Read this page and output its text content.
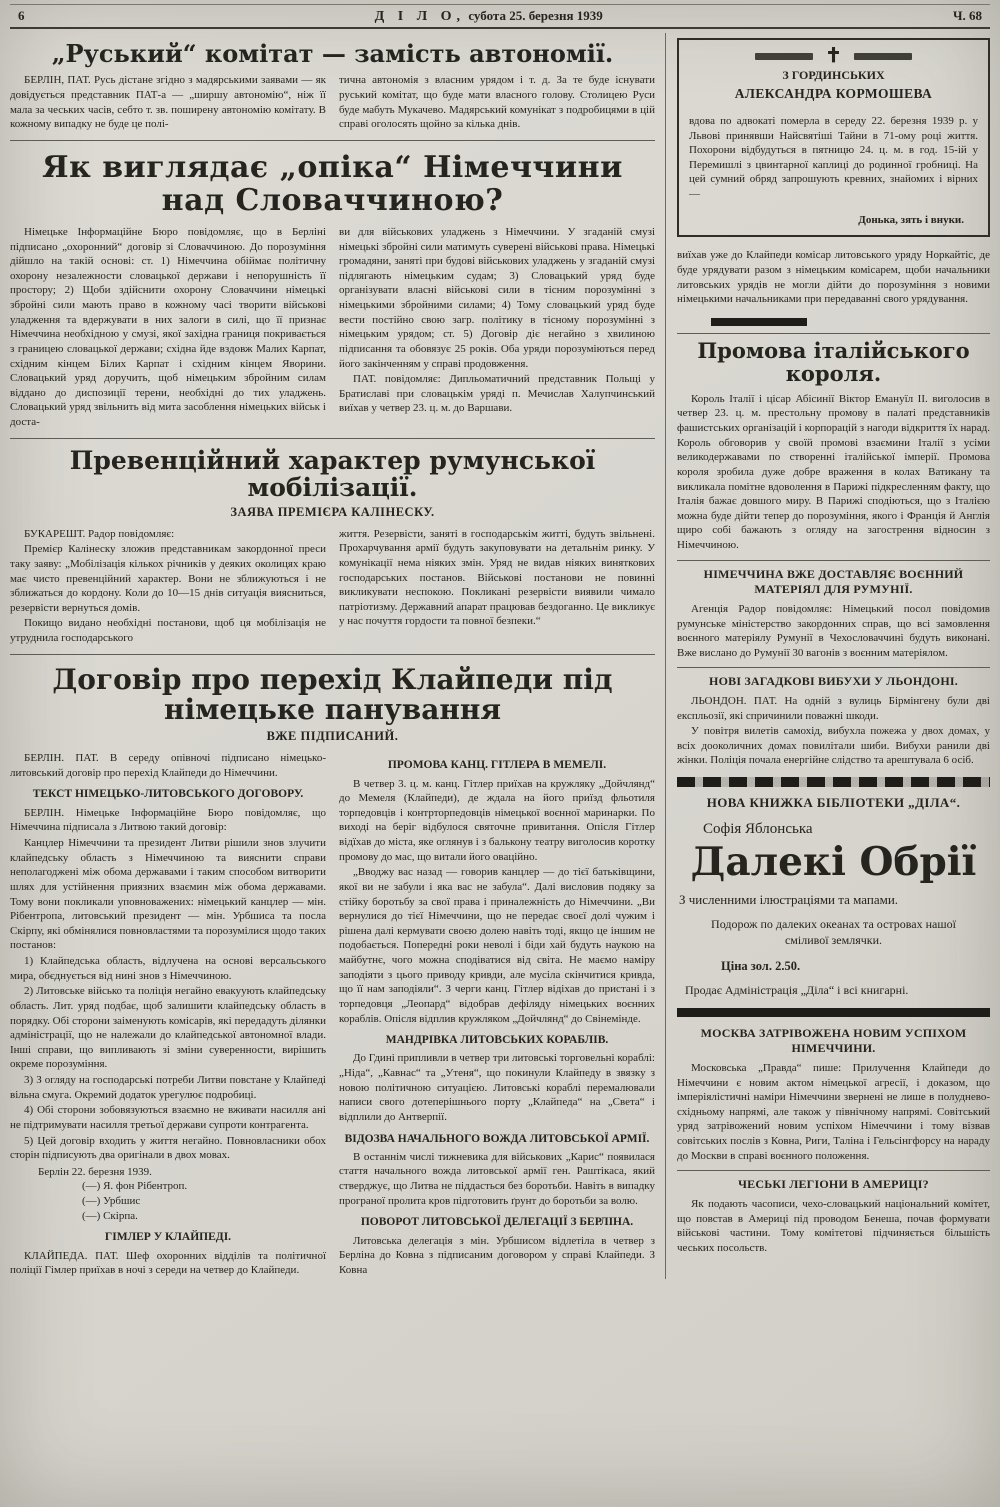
6	Д І Л О, субота 25. березня 1939	Ч. 68
„Руський“ комітат — замість автономії.

БЕРЛІН, ПАТ. Русь дістане згідно з мадярськими заявами — як довідується представник ПАТ-а — „ширшу автономію“, ніж її мала за чеських часів, себто т. зв. поширену автономію комітату. В кожному випадку не буде це полі-

тична автономія з власним урядом і т. д. За те буде існувати руський комітат, що буде мати власного голову. Столицею Руси буде мабуть Мукачево. Мадярський комунікат з подробицями в цій справі оголосять щойно за кілька днів.

Як виглядає „опіка“ Німеччини над Словаччиною?

Німецьке Інформаційне Бюро повідомляє, що в Берліні підписано „охоронний“ договір зі Словаччиною. До порозуміння дійшло на такій основі: ст. 1) Німеччина обіймає політичну охорону незалежности словацької держави і непорушність її простору; 2) Щоби здійснити охорону Словаччини німецькі збройні сили мають право в кожному часі творити військові уладження та вдержувати в них залоги в силі, що її признає Німеччина необхідною у смузі, якої західна границя покривається з границею словацької держави; східна йде вздовж Малих Карпат, східним кінцем Білих Карпат і східним кінцем Яворини. Словацький уряд доручить, щоб німецьким збройним силам віддано до диспозиції терени, необхідні до тих уладжень. Словацький уряд звільнить від мита засоблення німецьких військ і доста-

ви для військових уладжень з Німеччини. У згаданій смузі німецькі збройні сили матимуть суверені військові права. Німецькі громадяни, заняті при будові військових уладжень у згаданій смузі підлягають німецьким судам; 3) Словацький уряд буде організувати власні військові сили в тісним порозумінні з німецькими збройними силами; 4) Тому словацький уряд буде вести постійно свою загр. політику в тісному порозумінні з німецьким урядом; ст. 5) Договір діє негайно з хвилиною підписання та обовязує 25 років. Оба уряди порозуміються перед його закінченням у справі продовження.

ПАТ. повідомляє: Дипльоматичний представник Польщі у Братиславі при словацькім уряді п. Мечислав Халупчинський виїхав у четвер 23. ц. м. до Варшави.

Превенційний характер румунської мобілізації.
ЗАЯВА ПРЕМІЄРА КАЛІНЕСКУ.

БУКАРЕШТ. Радор повідомляє:

Премієр Калінеску зложив представникам закордонної преси таку заяву: „Мобілізація кількох річників у деяких околицях краю має чисто превенційний характер. Вони не зближуються і не зближаться до кордону. Коли до 10—15 днів ситуація виясниться, резервісти вернуться домів.

Покищо видано необхідні постанови, щоб ця мобілізація не утруднила господарського

життя. Резервісти, заняті в господарськім житті, будуть звільнені. Прохарчування армії будуть закуповувати на детальнім ринку. У комунікації нема ніяких змін. Уряд не видав ніяких виняткових господарських постанов. Військові постанови не повинні викликувати неспокою. Покликані резервісти виявили чимало патріотизму. Державний апарат працював бездоганно. Це викликує у нас почуття гордости та повної безпеки.“

Договір про перехід Клайпеди під німецьке панування
ВЖЕ ПІДПИСАНИЙ.

БЕРЛІН. ПАТ. В середу опівночі підписано німецько-литовський договір про перехід Клайпеди до Німеччини.

ТЕКСТ НІМЕЦЬКО-ЛИТОВСЬКОГО ДОГОВОРУ.

БЕРЛІН. Німецьке Інформаційне Бюро повідомляє, що Німеччина підписала з Литвою такий договір:

Канцлер Німеччини та президент Литви рішили знов злучити клайпедську область з Німеччиною та вияснити справи неполагоджені між обома державами і таким способом витворити шлях для устійнення приязних взаємин між обома державами. Тому вони покликали уповноважених: німецький канцлер — мін. Рібентропа, литовський президент — мін. Урбшиса та посла Скірпу, які обмінялися повновластями та порозумілися щодо таких постанов:

1) Клайпедська область, відлучена на основі версальського мира, обєднується від нині знов з Німеччиною.

2) Литовське військо та поліція негайно евакуують клайпедську область. Лит. уряд подбає, щоб залишити клайпедську область в порядку. Обі сторони заіменують комісарів, які передадуть ділянки адміністрації, що не належали до клайпедської автономної влади. Інші справи, що випливають зі зміни суверенности, вирішить окреме порозуміння.

3) З огляду на господарські потреби Литви повстане у Клайпеді вільна смуга. Окремий додаток урегулює подробиці.

4) Обі сторони зобовязуються взаємно не вживати насилля ані не підтримувати насилля третьої держави супроти контрагента.

5) Цей договір входить у життя негайно. Повновласники обох сторін підписують два оригінали в двох мовах.

Берлін 22. березня 1939.

(—) Я. фон Рібентроп.

(—) Урбшис

(—) Скірпа.

ГІМЛЕР У КЛАЙПЕДІ.

КЛАЙПЕДА. ПАТ. Шеф охоронних відділів та політичної поліції Гімлер приїхав в ночі з середи на четвер до Клайпеди.

ПРОМОВА КАНЦ. ГІТЛЕРА В МЕМЕЛІ.

В четвер 3. ц. м. канц. Гітлер приїхав на кружляку „Дойчлянд“ до Мемеля (Клайпеди), де ждала на його приїзд фльотиля торпедовців і контрторпедовців німецької воєнної маринарки. По виході на беріг відбулося святочне привитання. Опісля Гітлер відїхав до міста, яке оглянув і з балькону театру виголосив коротку промову до мас, що витали його оваційно.

„Вводжу вас назад — говорив канцлер — до тієї батьківщини, якої ви не забули і яка вас не забула“. Далі висловив подяку за стійку боротьбу за свої права і приналежність до Німеччини. „Ви вернулися до тієї Німеччини, що не передає своєї долі чужим і рішена далі кермувати своєю долею навіть тоді, якщо це іншим не подобається. Попередні роки неволі і біди хай будуть наукою на майбутнє, чого можна сподіватися від світа. Не маємо наміру заподіяти з цього приводу кривди, але мусіла скінчитися кривда, що її нам заподіяли“. З черги канц. Гітлер відіхав до пристані і з торпедовця „Леопард“ відобрав дефіляду німецьких воєнних кораблів. Опісля відплив кружляком „Дойчлянд“ до Свінемінде.

МАНДРІВКА ЛИТОВСЬКИХ КОРАБЛІВ.

До Гдині припливли в четвер три литовські торговельні кораблі: „Ніда“, „Кавнас“ та „Утеня“, що покинули Клайпеду в звязку з новою політичною ситуацією. Литовські кораблі перемалювали написи свого дотеперішнього порту „Клайпеда“ на „Света“ і відплили до Антверпії.

ВІДОЗВА НАЧАЛЬНОГО ВОЖДА ЛИТОВСЬКОЇ АРМІЇ.

В останнім числі тижневика для військових „Карис“ появилася стаття начального вожда литовської армії ген. Раштікаса, який стверджує, що Литва не піддасться без боротьби. Навіть в випадку програної пролита кров підготовить ґрунт до боротьби за волю.

ПОВОРОТ ЛИТОВСЬКОЇ ДЕЛЕГАЦІЇ З БЕРЛІНА.

Литовська делегація з мін. Урбшисом відлетіла в четвер з Берліна до Ковна з підписаним договором у справі Клайпеди. З Ковна

✝
З ГОРДИНСЬКИХ
АЛЕКСАНДРА КОРМОШЕВА

вдова по адвокаті померла в середу 22. березня 1939 р. у Львові принявши Найсвятіші Тайни в 71-ому році життя. Похорони відбудуться в пятницю 24. ц. м. в год. 15-ій у Перемишлі з цвинтарної каплиці до родинної гробниці. На цей сумний обряд запрошують кревних, знайомих і вірних —

Донька, зять і внуки.

виїхав уже до Клайпеди комісар литовського уряду Норкайтіс, де буде урядувати разом з німецьким комісарем, щоби начальники литовських урядів не могли дійти до порозуміння з новими німецькими начальниками при передаванні свого урядування.

Промова італійського короля.

Король Італії і цісар Абісинії Віктор Емануїл II. виголосив в четвер 23. ц. м. престольну промову в палаті представників фашистських організацій і корпорацій з нагоди відкриття їх нарад. Король обговорив у своїй промові взаємини Італії з усіми великодержавами по створенні італійської імперії. Промова короля зробила дуже добре враження в колах Ватикану та викликала помітне вдоволення в Парижі підкресленням факту, що Італія бажає довшого миру. В Парижі сподіються, що з Італією можна буде дійти тепер до порозуміння, якого і Франція й Англія щиро собі бажають з огляду на загострення відносин з Німеччиною.

НІМЕЧЧИНА ВЖЕ ДОСТАВЛЯЄ ВОЄННИЙ МАТЕРІЯЛ ДЛЯ РУМУНІЇ.

Агенція Радор повідомляє: Німецький посол повідомив румунське міністерство закордонних справ, що всі замовлення воєнного матеріялу Румунії в Чехословаччині будуть виконані. Вже вислано до Румунії 30 вагонів з воєнним матеріялом.

НОВІ ЗАГАДКОВІ ВИБУХИ У ЛЬОНДОНІ.

ЛЬОНДОН. ПАТ. На одній з вулиць Бірмінгену були дві експльозії, які спричинили поважні шкоди.

У повітря вилетів самохід, вибухла пожежа у двох домах, у всіх дооколичних домах повилітали шиби. Вибухи ранили дві жінки. Поліція почала енергійне слідство та арештувала 6 осіб.

НОВА КНИЖКА БІБЛІОТЕКИ „ДІЛА“.
Софія Яблонська
Далекі Обрії
З численними ілюстраціями та мапами.
Подорож по далеких океанах та островах нашої сміливої землячки.
Ціна зол. 2.50.
Продає Адміністрація „Діла“ і всі книгарні.
МОСКВА ЗАТРІВОЖЕНА НОВИМ УСПІХОМ НІМЕЧЧИНИ.

Московська „Правда“ пише: Прилучення Клайпеди до Німеччини є новим актом німецької агресії, і доказом, що імперіялістичні наміри Німеччини звернені не лише в полуднево-східньому напрямі, але також у північному напрямі. Совітський уряд затрівожений новим успіхом Німеччини і тому візвав совітських послів з Ковна, Риги, Таліна і Гельсінгфорсу на нараду до Москви в справі воєнного положення.

ЧЕСЬКІ ЛЕГІОНИ В АМЕРИЦІ?

Як подають часописи, чехо-словацький національний комітет, що повстав в Америці під проводом Бенеша, почав формувати військові частини. Тому комітетові підчиняється більшість чеських посольств.
